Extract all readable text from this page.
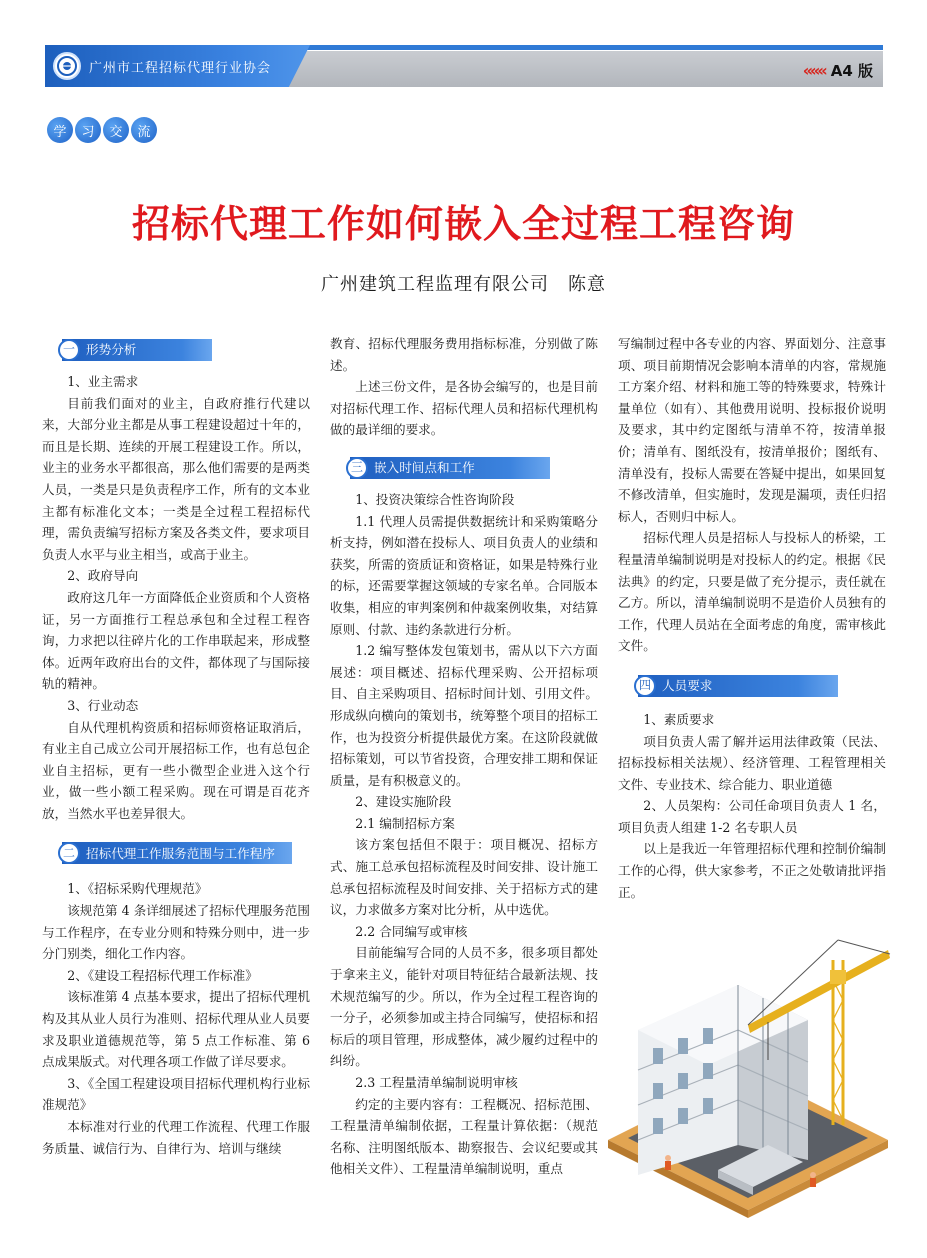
广州市工程招标代理行业协会	««« A4 版
学	习	交	流
招标代理工作如何嵌入全过程工程咨询
广州建筑工程监理有限公司　陈意
一 形势分析

1、业主需求

目前我们面对的业主，自政府推行代建以来，大部分业主都是从事工程建设超过十年的，而且是长期、连续的开展工程建设工作。所以，业主的业务水平都很高，那么他们需要的是两类人员，一类是只是负责程序工作，所有的文本业主都有标准化文本；一类是全过程工程招标代理，需负责编写招标方案及各类文件，要求项目负责人水平与业主相当，或高于业主。

2、政府导向

政府这几年一方面降低企业资质和个人资格证，另一方面推行工程总承包和全过程工程咨询，力求把以往碎片化的工作串联起来，形成整体。近两年政府出台的文件，都体现了与国际接轨的精神。

3、行业动态

自从代理机构资质和招标师资格证取消后，有业主自己成立公司开展招标工作，也有总包企业自主招标，更有一些小微型企业进入这个行业，做一些小额工程采购。现在可谓是百花齐放，当然水平也差异很大。

二 招标代理工作服务范围与工作程序

1、《招标采购代理规范》

该规范第 4 条详细展述了招标代理服务范围与工作程序，在专业分则和特殊分则中，进一步分门别类，细化工作内容。

2、《建设工程招标代理工作标准》

该标准第 4 点基本要求，提出了招标代理机构及其从业人员行为准则、招标代理从业人员要求及职业道德规范等，第 5 点工作标准、第 6 点成果版式。对代理各项工作做了详尽要求。

3、《全国工程建设项目招标代理机构行业标准规范》

本标准对行业的代理工作流程、代理工作服务质量、诚信行为、自律行为、培训与继续

教育、招标代理服务费用指标标准，分别做了陈述。

上述三份文件，是各协会编写的，也是目前对招标代理工作、招标代理人员和招标代理机构做的最详细的要求。

三 嵌入时间点和工作

1、投资决策综合性咨询阶段

1.1 代理人员需提供数据统计和采购策略分析支持，例如潜在投标人、项目负责人的业绩和获奖，所需的资质证和资格证，如果是特殊行业的标，还需要掌握这领域的专家名单。合同版本收集，相应的审判案例和仲裁案例收集，对结算原则、付款、违约条款进行分析。

1.2 编写整体发包策划书，需从以下六方面展述：项目概述、招标代理采购、公开招标项目、自主采购项目、招标时间计划、引用文件。形成纵向横向的策划书，统筹整个项目的招标工作，也为投资分析提供最优方案。在这阶段就做招标策划，可以节省投资，合理安排工期和保证质量，是有积极意义的。

2、建设实施阶段

2.1 编制招标方案

该方案包括但不限于：项目概况、招标方式、施工总承包招标流程及时间安排、设计施工总承包招标流程及时间安排、关于招标方式的建议，力求做多方案对比分析，从中选优。

2.2 合同编写或审核

目前能编写合同的人员不多，很多项目都处于拿来主义，能针对项目特征结合最新法规、技术规范编写的少。所以，作为全过程工程咨询的一分子，必须参加或主持合同编写，使招标和招标后的项目管理，形成整体，减少履约过程中的纠纷。

2.3 工程量清单编制说明审核

约定的主要内容有：工程概况、招标范围、工程量清单编制依据，工程量计算依据：（规范名称、注明图纸版本、勘察报告、会议纪要或其他相关文件）、工程量清单编制说明，重点

写编制过程中各专业的内容、界面划分、注意事项、项目前期情况会影响本清单的内容，常规施工方案介绍、材料和施工等的特殊要求，特殊计量单位（如有）、其他费用说明、投标报价说明及要求，其中约定图纸与清单不符，按清单报价；清单有、图纸没有，按清单报价；图纸有、清单没有，投标人需要在答疑中提出，如果回复不修改清单，但实施时，发现是漏项，责任归招标人，否则归中标人。

招标代理人员是招标人与投标人的桥梁，工程量清单编制说明是对投标人的约定。根据《民法典》的约定，只要是做了充分提示，责任就在乙方。所以，清单编制说明不是造价人员独有的工作，代理人员站在全面考虑的角度，需审核此文件。

四 人员要求

1、素质要求

项目负责人需了解并运用法律政策（民法、招标投标相关法规）、经济管理、工程管理相关文件、专业技术、综合能力、职业道德

2、人员架构：公司任命项目负责人 1 名，项目负责人组建 1-2 名专职人员

以上是我近一年管理招标代理和控制价编制工作的心得，供大家参考，不正之处敬请批评指正。
